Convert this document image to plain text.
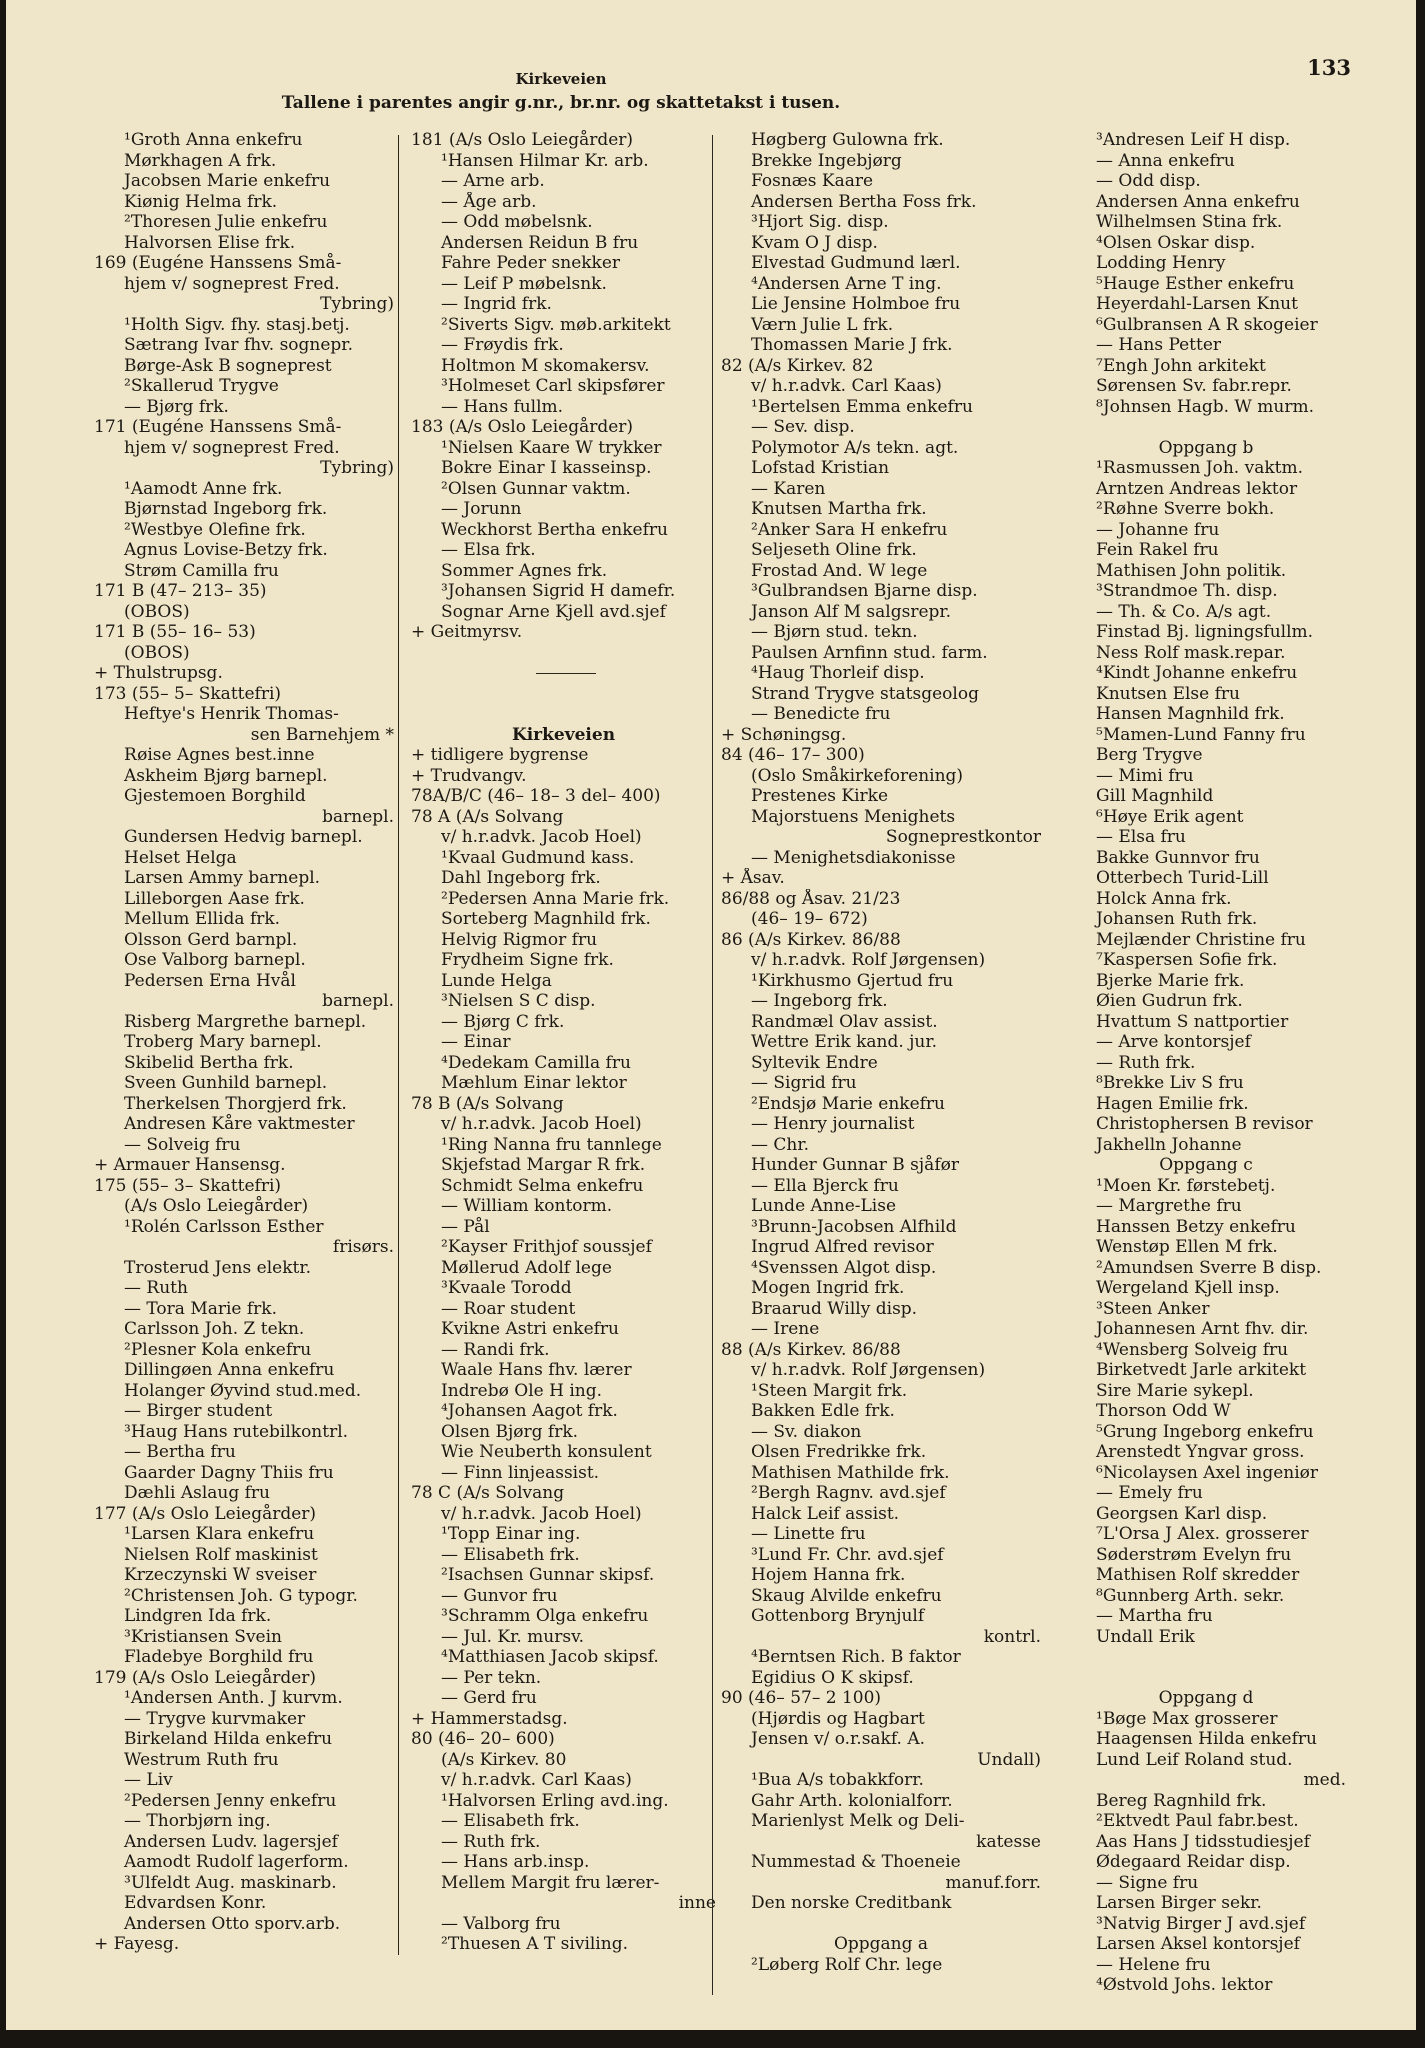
133
Kirkeveien
Tallene i parentes angir g.nr., br.nr. og skattetakst i tusen.
¹Groth Anna enkefru
Mørkhagen A frk.
Jacobsen Marie enkefru
Kiønig Helma frk.
²Thoresen Julie enkefru
Halvorsen Elise frk.
169 (Eugéne Hanssens Små-
hjem v/ sogneprest Fred.
Tybring)
¹Holth Sigv. fhy. stasj.betj.
Sætrang Ivar fhv. sognepr.
Børge-Ask B sogneprest
²Skallerud Trygve
— Bjørg frk.
171 (Eugéne Hanssens Små-
hjem v/ sogneprest Fred.
Tybring)
¹Aamodt Anne frk.
Bjørnstad Ingeborg frk.
²Westbye Olefine frk.
Agnus Lovise-Betzy frk.
Strøm Camilla fru
171 B (47– 213– 35)
(OBOS)
171 B (55– 16– 53)
(OBOS)
+ Thulstrupsg.
173 (55– 5– Skattefri)
Heftye's Henrik Thomas-
sen Barnehjem *
Røise Agnes best.inne
Askheim Bjørg barnepl.
Gjestemoen Borghild
barnepl.
Gundersen Hedvig barnepl.
Helset Helga
Larsen Ammy barnepl.
Lilleborgen Aase frk.
Mellum Ellida frk.
Olsson Gerd barnpl.
Ose Valborg barnepl.
Pedersen Erna Hvål
barnepl.
Risberg Margrethe barnepl.
Troberg Mary barnepl.
Skibelid Bertha frk.
Sveen Gunhild barnepl.
Therkelsen Thorgjerd frk.
Andresen Kåre vaktmester
— Solveig fru
+ Armauer Hansensg.
175 (55– 3– Skattefri)
(A/s Oslo Leiegårder)
¹Rolén Carlsson Esther
frisørs.
Trosterud Jens elektr.
— Ruth
— Tora Marie frk.
Carlsson Joh. Z tekn.
²Plesner Kola enkefru
Dillingøen Anna enkefru
Holanger Øyvind stud.med.
— Birger student
³Haug Hans rutebilkontrl.
— Bertha fru
Gaarder Dagny Thiis fru
Dæhli Aslaug fru
177 (A/s Oslo Leiegårder)
¹Larsen Klara enkefru
Nielsen Rolf maskinist
Krzeczynski W sveiser
²Christensen Joh. G typogr.
Lindgren Ida frk.
³Kristiansen Svein
Fladebye Borghild fru
179 (A/s Oslo Leiegårder)
¹Andersen Anth. J kurvm.
— Trygve kurvmaker
Birkeland Hilda enkefru
Westrum Ruth fru
— Liv
²Pedersen Jenny enkefru
— Thorbjørn ing.
Andersen Ludv. lagersjef
Aamodt Rudolf lagerform.
³Ulfeldt Aug. maskinarb.
Edvardsen Konr.
Andersen Otto sporv.arb.
+ Fayesg.
181 (A/s Oslo Leiegårder)
¹Hansen Hilmar Kr. arb.
— Arne arb.
— Åge arb.
— Odd møbelsnk.
Andersen Reidun B fru
Fahre Peder snekker
— Leif P møbelsnk.
— Ingrid frk.
²Siverts Sigv. møb.arkitekt
— Frøydis frk.
Holtmon M skomakersv.
³Holmeset Carl skipsfører
— Hans fullm.
183 (A/s Oslo Leiegårder)
¹Nielsen Kaare W trykker
Bokre Einar I kasseinsp.
²Olsen Gunnar vaktm.
— Jorunn
Weckhorst Bertha enkefru
— Elsa frk.
Sommer Agnes frk.
³Johansen Sigrid H damefr.
Sognar Arne Kjell avd.sjef
+ Geitmyrsv.
Kirkeveien
+ tidligere bygrense
+ Trudvangv.
78A/B/C (46– 18– 3 del– 400)
78 A (A/s Solvang
v/ h.r.advk. Jacob Hoel)
¹Kvaal Gudmund kass.
Dahl Ingeborg frk.
²Pedersen Anna Marie frk.
Sorteberg Magnhild frk.
Helvig Rigmor fru
Frydheim Signe frk.
Lunde Helga
³Nielsen S C disp.
— Bjørg C frk.
— Einar
⁴Dedekam Camilla fru
Mæhlum Einar lektor
78 B (A/s Solvang
v/ h.r.advk. Jacob Hoel)
¹Ring Nanna fru tannlege
Skjefstad Margar R frk.
Schmidt Selma enkefru
— William kontorm.
— Pål
²Kayser Frithjof soussjef
Møllerud Adolf lege
³Kvaale Torodd
— Roar student
Kvikne Astri enkefru
— Randi frk.
Waale Hans fhv. lærer
Indrebø Ole H ing.
⁴Johansen Aagot frk.
Olsen Bjørg frk.
Wie Neuberth konsulent
— Finn linjeassist.
78 C (A/s Solvang
v/ h.r.advk. Jacob Hoel)
¹Topp Einar ing.
— Elisabeth frk.
²Isachsen Gunnar skipsf.
— Gunvor fru
³Schramm Olga enkefru
— Jul. Kr. mursv.
⁴Matthiasen Jacob skipsf.
— Per tekn.
— Gerd fru
+ Hammerstadsg.
80 (46– 20– 600)
(A/s Kirkev. 80
v/ h.r.advk. Carl Kaas)
¹Halvorsen Erling avd.ing.
— Elisabeth frk.
— Ruth frk.
— Hans arb.insp.
Mellem Margit fru lærer-
inne
— Valborg fru
²Thuesen A T siviling.
Høgberg Gulowna frk.
Brekke Ingebjørg
Fosnæs Kaare
Andersen Bertha Foss frk.
³Hjort Sig. disp.
Kvam O J disp.
Elvestad Gudmund lærl.
⁴Andersen Arne T ing.
Lie Jensine Holmboe fru
Værn Julie L frk.
Thomassen Marie J frk.
82 (A/s Kirkev. 82
v/ h.r.advk. Carl Kaas)
¹Bertelsen Emma enkefru
— Sev. disp.
Polymotor A/s tekn. agt.
Lofstad Kristian
— Karen
Knutsen Martha frk.
²Anker Sara H enkefru
Seljeseth Oline frk.
Frostad And. W lege
³Gulbrandsen Bjarne disp.
Janson Alf M salgsrepr.
— Bjørn stud. tekn.
Paulsen Arnfinn stud. farm.
⁴Haug Thorleif disp.
Strand Trygve statsgeolog
— Benedicte fru
+ Schøningsg.
84 (46– 17– 300)
(Oslo Småkirkeforening)
Prestenes Kirke
Majorstuens Menighets
Sogneprestkontor
— Menighetsdiakonisse
+ Åsav.
86/88 og Åsav. 21/23
(46– 19– 672)
86 (A/s Kirkev. 86/88
v/ h.r.advk. Rolf Jørgensen)
¹Kirkhusmo Gjertud fru
— Ingeborg frk.
Randmæl Olav assist.
Wettre Erik kand. jur.
Syltevik Endre
— Sigrid fru
²Endsjø Marie enkefru
— Henry journalist
— Chr.
Hunder Gunnar B sjåfør
— Ella Bjerck fru
Lunde Anne-Lise
³Brunn-Jacobsen Alfhild
Ingrud Alfred revisor
⁴Svenssen Algot disp.
Mogen Ingrid frk.
Braarud Willy disp.
— Irene
88 (A/s Kirkev. 86/88
v/ h.r.advk. Rolf Jørgensen)
¹Steen Margit frk.
Bakken Edle frk.
— Sv. diakon
Olsen Fredrikke frk.
Mathisen Mathilde frk.
²Bergh Ragnv. avd.sjef
Halck Leif assist.
— Linette fru
³Lund Fr. Chr. avd.sjef
Hojem Hanna frk.
Skaug Alvilde enkefru
Gottenborg Brynjulf
kontrl.
⁴Berntsen Rich. B faktor
Egidius O K skipsf.
90 (46– 57– 2 100)
(Hjørdis og Hagbart
Jensen v/ o.r.sakf. A.
Undall)
¹Bua A/s tobakkforr.
Gahr Arth. kolonialforr.
Marienlyst Melk og Deli-
katesse
Nummestad & Thoeneie
manuf.forr.
Den norske Creditbank
Oppgang a
²Løberg Rolf Chr. lege
³Andresen Leif H disp.
— Anna enkefru
— Odd disp.
Andersen Anna enkefru
Wilhelmsen Stina frk.
⁴Olsen Oskar disp.
Lodding Henry
⁵Hauge Esther enkefru
Heyerdahl-Larsen Knut
⁶Gulbransen A R skogeier
— Hans Petter
⁷Engh John arkitekt
Sørensen Sv. fabr.repr.
⁸Johnsen Hagb. W murm.
Oppgang b
¹Rasmussen Joh. vaktm.
Arntzen Andreas lektor
²Røhne Sverre bokh.
— Johanne fru
Fein Rakel fru
Mathisen John politik.
³Strandmoe Th. disp.
— Th. & Co. A/s agt.
Finstad Bj. ligningsfullm.
Ness Rolf mask.repar.
⁴Kindt Johanne enkefru
Knutsen Else fru
Hansen Magnhild frk.
⁵Mamen-Lund Fanny fru
Berg Trygve
— Mimi fru
Gill Magnhild
⁶Høye Erik agent
— Elsa fru
Bakke Gunnvor fru
Otterbech Turid-Lill
Holck Anna frk.
Johansen Ruth frk.
Mejlænder Christine fru
⁷Kaspersen Sofie frk.
Bjerke Marie frk.
Øien Gudrun frk.
Hvattum S nattportier
— Arve kontorsjef
— Ruth frk.
⁸Brekke Liv S fru
Hagen Emilie frk.
Christophersen B revisor
Jakhelln Johanne
Oppgang c
¹Moen Kr. førstebetj.
— Margrethe fru
Hanssen Betzy enkefru
Wenstøp Ellen M frk.
²Amundsen Sverre B disp.
Wergeland Kjell insp.
³Steen Anker
Johannesen Arnt fhv. dir.
⁴Wensberg Solveig fru
Birketvedt Jarle arkitekt
Sire Marie sykepl.
Thorson Odd W
⁵Grung Ingeborg enkefru
Arenstedt Yngvar gross.
⁶Nicolaysen Axel ingeniør
— Emely fru
Georgsen Karl disp.
⁷L'Orsa J Alex. grosserer
Søderstrøm Evelyn fru
Mathisen Rolf skredder
⁸Gunnberg Arth. sekr.
— Martha fru
Undall Erik
Oppgang d
¹Bøge Max grosserer
Haagensen Hilda enkefru
Lund Leif Roland stud.
med.
Bereg Ragnhild frk.
²Ektvedt Paul fabr.best.
Aas Hans J tidsstudiesjef
Ødegaard Reidar disp.
— Signe fru
Larsen Birger sekr.
³Natvig Birger J avd.sjef
Larsen Aksel kontorsjef
— Helene fru
⁴Østvold Johs. lektor
